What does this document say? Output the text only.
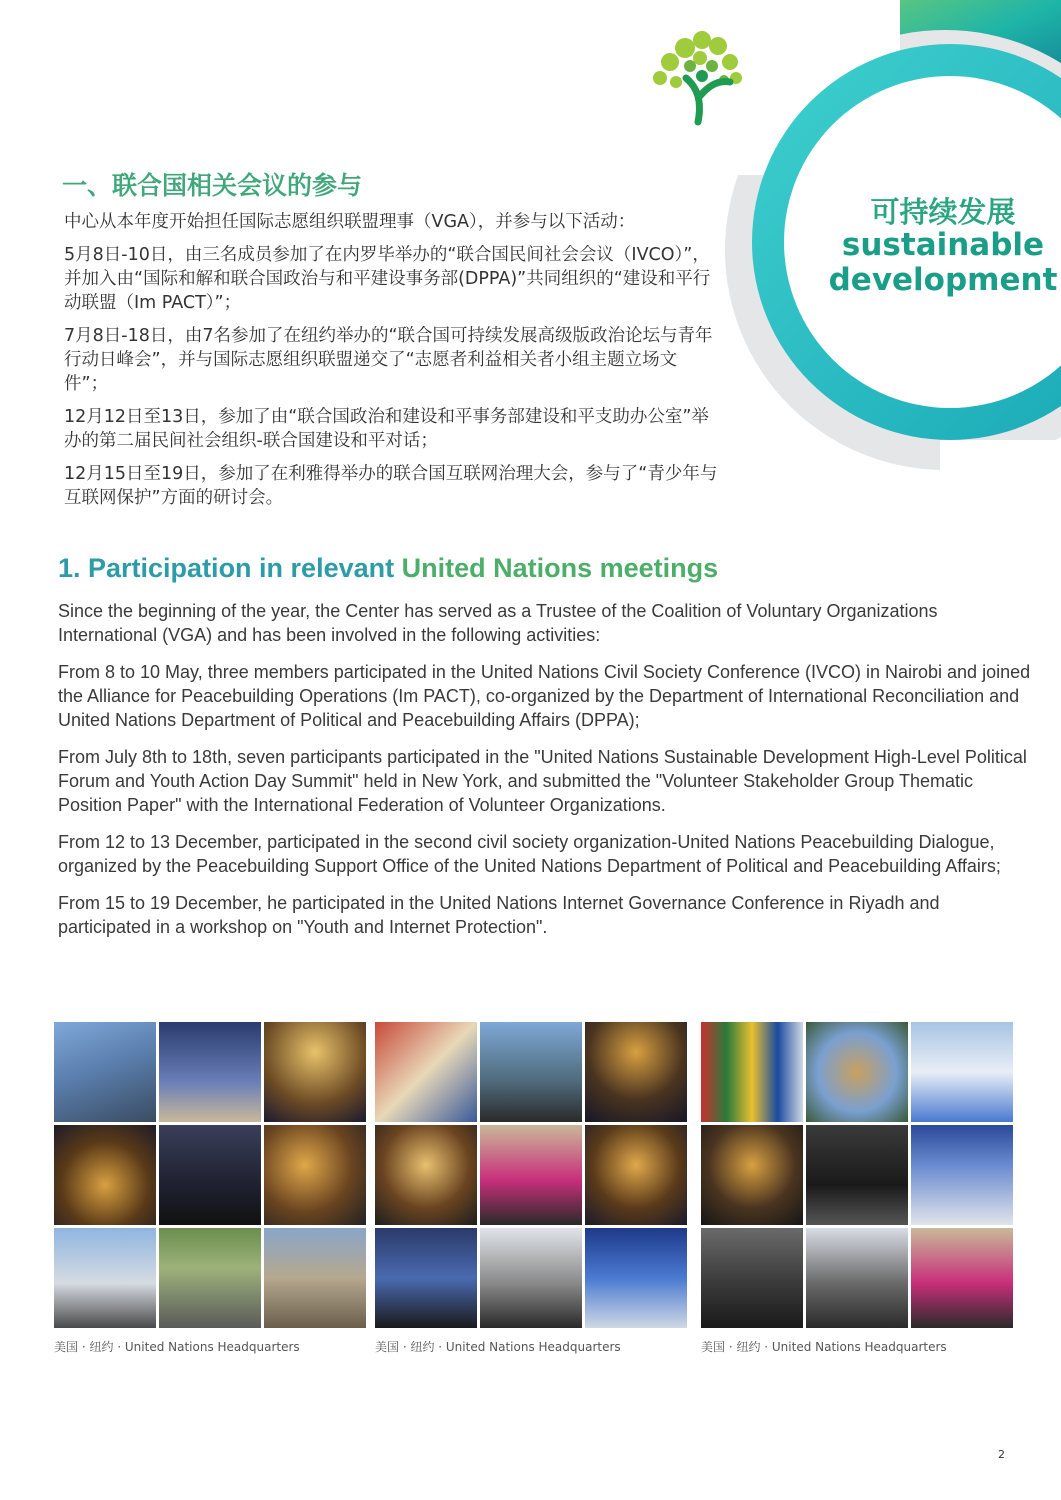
可持续发展
sustainable
development
一、联合国相关会议的参与

中心从本年度开始担任国际志愿组织联盟理事（VGA），并参与以下活动：

5月8日-10日，由三名成员参加了在内罗毕举办的“联合国民间社会会议（IVCO）”，并加入由“国际和解和联合国政治与和平建设事务部(DPPA)”共同组织的“建设和平行动联盟（Im PACT）”；

7月8日-18日，由7名参加了在纽约举办的“联合国可持续发展高级版政治论坛与青年行动日峰会”，并与国际志愿组织联盟递交了“志愿者利益相关者小组主题立场文件”；

12月12日至13日，参加了由“联合国政治和建设和平事务部建设和平支助办公室”举办的第二届民间社会组织-联合国建设和平对话；

12月15日至19日，参加了在利雅得举办的联合国互联网治理大会，参与了“青少年与互联网保护”方面的研讨会。

1. Participation in relevant United Nations meetings

Since the beginning of the year, the Center has served as a Trustee of the Coalition of Voluntary Organizations International (VGA) and has been involved in the following activities:

From 8 to 10 May, three members participated in the United Nations Civil Society Conference (IVCO) in Nairobi and joined the Alliance for Peacebuilding Operations (Im PACT), co-organized by the Department of International Reconciliation and United Nations Department of Political and Peacebuilding Affairs (DPPA);

From July 8th to 18th, seven participants participated in the "United Nations Sustainable Development High-Level Political Forum and Youth Action Day Summit" held in New York, and submitted the "Volunteer Stakeholder Group Thematic Position Paper" with the International Federation of Volunteer Organizations.

From 12 to 13 December, participated in the second civil society organization-United Nations Peacebuilding Dialogue, organized by the Peacebuilding Support Office of the United Nations Department of Political and Peacebuilding Affairs;

From 15 to 19 December, he participated in the United Nations Internet Governance Conference in Riyadh and participated in a workshop on "Youth and Internet Protection".

美国 · 纽约 · United Nations Headquarters	美国 · 纽约 · United Nations Headquarters	美国 · 纽约 · United Nations Headquarters
2
